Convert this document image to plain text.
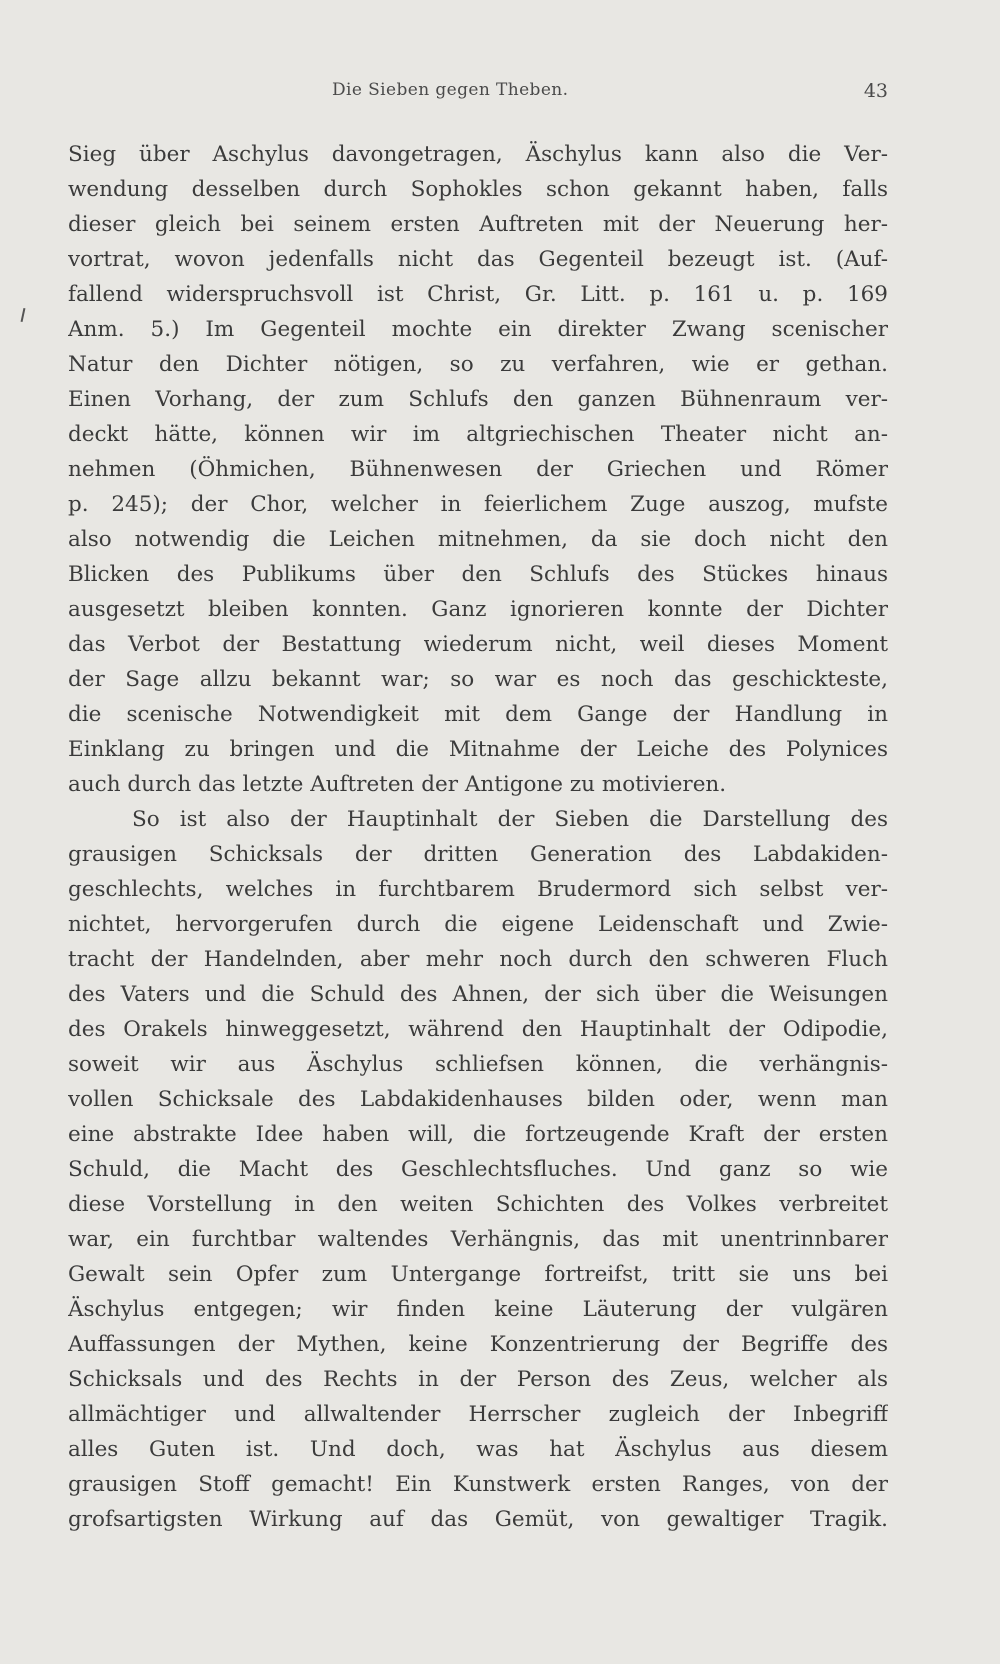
Die Sieben gegen Theben.	43
Sieg über Aschylus davongetragen, Äschylus kann also die Ver-
wendung desselben durch Sophokles schon gekannt haben, falls
dieser gleich bei seinem ersten Auftreten mit der Neuerung her-
vortrat, wovon jedenfalls nicht das Gegenteil bezeugt ist. (Auf-
fallend widerspruchsvoll ist Christ, Gr. Litt. p. 161 u. p. 169
Anm. 5.) Im Gegenteil mochte ein direkter Zwang scenischer
Natur den Dichter nötigen, so zu verfahren, wie er gethan.
Einen Vorhang, der zum Schlufs den ganzen Bühnenraum ver-
deckt hätte, können wir im altgriechischen Theater nicht an-
nehmen (Öhmichen, Bühnenwesen der Griechen und Römer
p. 245); der Chor, welcher in feierlichem Zuge auszog, mufste
also notwendig die Leichen mitnehmen, da sie doch nicht den
Blicken des Publikums über den Schlufs des Stückes hinaus
ausgesetzt bleiben konnten. Ganz ignorieren konnte der Dichter
das Verbot der Bestattung wiederum nicht, weil dieses Moment
der Sage allzu bekannt war; so war es noch das geschickteste,
die scenische Notwendigkeit mit dem Gange der Handlung in
Einklang zu bringen und die Mitnahme der Leiche des Polynices
auch durch das letzte Auftreten der Antigone zu motivieren.
So ist also der Hauptinhalt der Sieben die Darstellung des
grausigen Schicksals der dritten Generation des Labdakiden-
geschlechts, welches in furchtbarem Brudermord sich selbst ver-
nichtet, hervorgerufen durch die eigene Leidenschaft und Zwie-
tracht der Handelnden, aber mehr noch durch den schweren Fluch
des Vaters und die Schuld des Ahnen, der sich über die Weisungen
des Orakels hinweggesetzt, während den Hauptinhalt der Odipodie,
soweit wir aus Äschylus schliefsen können, die verhängnis-
vollen Schicksale des Labdakidenhauses bilden oder, wenn man
eine abstrakte Idee haben will, die fortzeugende Kraft der ersten
Schuld, die Macht des Geschlechtsfluches. Und ganz so wie
diese Vorstellung in den weiten Schichten des Volkes verbreitet
war, ein furchtbar waltendes Verhängnis, das mit unentrinnbarer
Gewalt sein Opfer zum Untergange fortreifst, tritt sie uns bei
Äschylus entgegen; wir finden keine Läuterung der vulgären
Auffassungen der Mythen, keine Konzentrierung der Begriffe des
Schicksals und des Rechts in der Person des Zeus, welcher als
allmächtiger und allwaltender Herrscher zugleich der Inbegriff
alles Guten ist. Und doch, was hat Äschylus aus diesem
grausigen Stoff gemacht! Ein Kunstwerk ersten Ranges, von der
grofsartigsten Wirkung auf das Gemüt, von gewaltiger Tragik.
